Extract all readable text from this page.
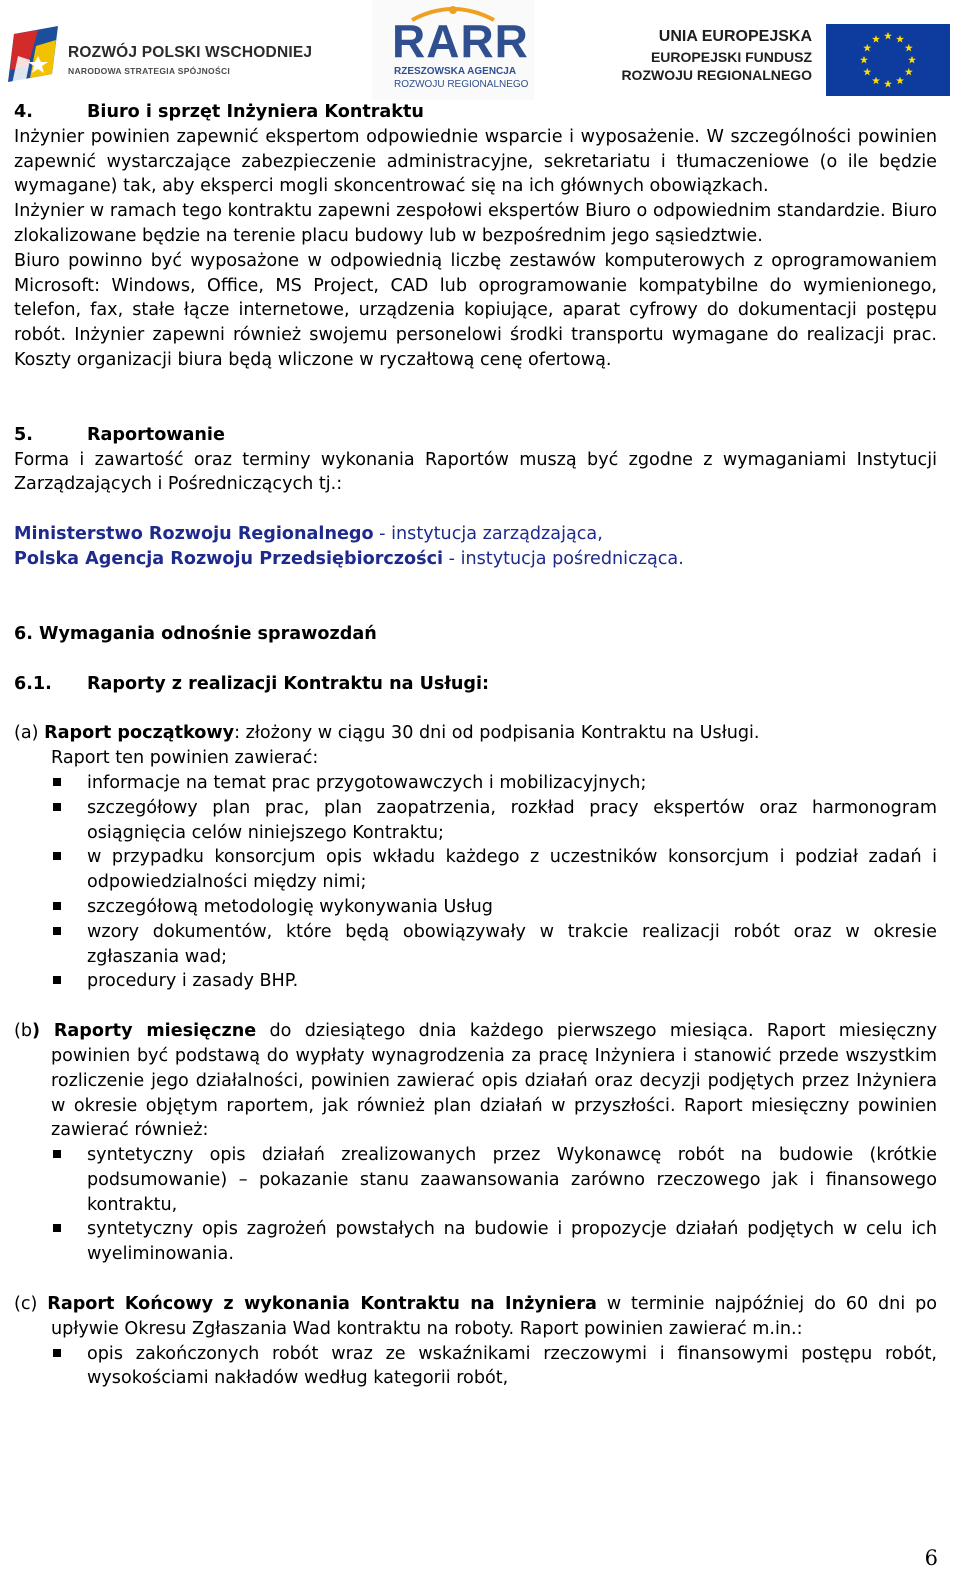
ROZWÓJ POLSKI WSCHODNIEJ
NARODOWA STRATEGIA SPÓJNOŚCI
RARR
RZESZOWSKA AGENCJA
ROZWOJU REGIONALNEGO
UNIA EUROPEJSKA
EUROPEJSKI FUNDUSZ
ROZWOJU REGIONALNEGO

4.	Biuro i sprzęt Inżyniera Kontraktu

Inżynier powinien zapewnić ekspertom odpowiednie wsparcie i wyposażenie. W szczególności powinien zapewnić wystarczające zabezpieczenie administracyjne, sekretariatu i tłumaczeniowe (o ile będzie wymagane) tak, aby eksperci mogli skoncentrować się na ich głównych obowiązkach.

Inżynier w ramach tego kontraktu zapewni zespołowi ekspertów Biuro o odpowiednim standardzie. Biuro zlokalizowane będzie na terenie placu budowy lub w bezpośrednim jego sąsiedztwie.

Biuro powinno być wyposażone w odpowiednią liczbę zestawów komputerowych z oprogramowaniem Microsoft: Windows, Office, MS Project, CAD lub oprogramowanie kompatybilne do wymienionego, telefon, fax, stałe łącze internetowe, urządzenia kopiujące, aparat cyfrowy do dokumentacji postępu robót. Inżynier zapewni również swojemu personelowi środki transportu wymagane do realizacji prac. Koszty organizacji biura będą wliczone w ryczałtową cenę ofertową.

5.	Raportowanie

Forma i zawartość oraz terminy wykonania Raportów muszą być zgodne z wymaganiami Instytucji Zarządzających i Pośredniczących tj.:

Ministerstwo Rozwoju Regionalnego - instytucja zarządzająca,

Polska Agencja Rozwoju Przedsiębiorczości - instytucja pośrednicząca.

6. Wymagania odnośnie sprawozdań

6.1. Raporty z realizacji Kontraktu na Usługi:

(a) Raport początkowy: złożony w ciągu 30 dni od podpisania Kontraktu na Usługi.

Raport ten powinien zawierać:

informacje na temat prac przygotowawczych i mobilizacyjnych;
szczegółowy plan prac, plan zaopatrzenia, rozkład pracy ekspertów oraz harmonogram osiągnięcia celów niniejszego Kontraktu;
w przypadku konsorcjum opis wkładu każdego z uczestników konsorcjum i podział zadań i odpowiedzialności między nimi;
szczegółową metodologię wykonywania Usług
wzory dokumentów, które będą obowiązywały w trakcie realizacji robót oraz w okresie zgłaszania wad;
procedury i zasady BHP.

(b) Raporty miesięczne do dziesiątego dnia każdego pierwszego miesiąca. Raport miesięczny powinien być podstawą do wypłaty wynagrodzenia za pracę Inżyniera i stanowić przede wszystkim rozliczenie jego działalności, powinien zawierać opis działań oraz decyzji podjętych przez Inżyniera w okresie objętym raportem, jak również plan działań w przyszłości. Raport miesięczny powinien zawierać również:

syntetyczny opis działań zrealizowanych przez Wykonawcę robót na budowie (krótkie podsumowanie) – pokazanie stanu zaawansowania zarówno rzeczowego jak i finansowego kontraktu,
syntetyczny opis zagrożeń powstałych na budowie i propozycje działań podjętych w celu ich wyeliminowania.

(c) Raport Końcowy z wykonania Kontraktu na Inżyniera w terminie najpóźniej do 60 dni po upływie Okresu Zgłaszania Wad kontraktu na roboty. Raport powinien zawierać m.in.:

opis zakończonych robót wraz ze wskaźnikami rzeczowymi i finansowymi postępu robót, wysokościami nakładów według kategorii robót,
6
